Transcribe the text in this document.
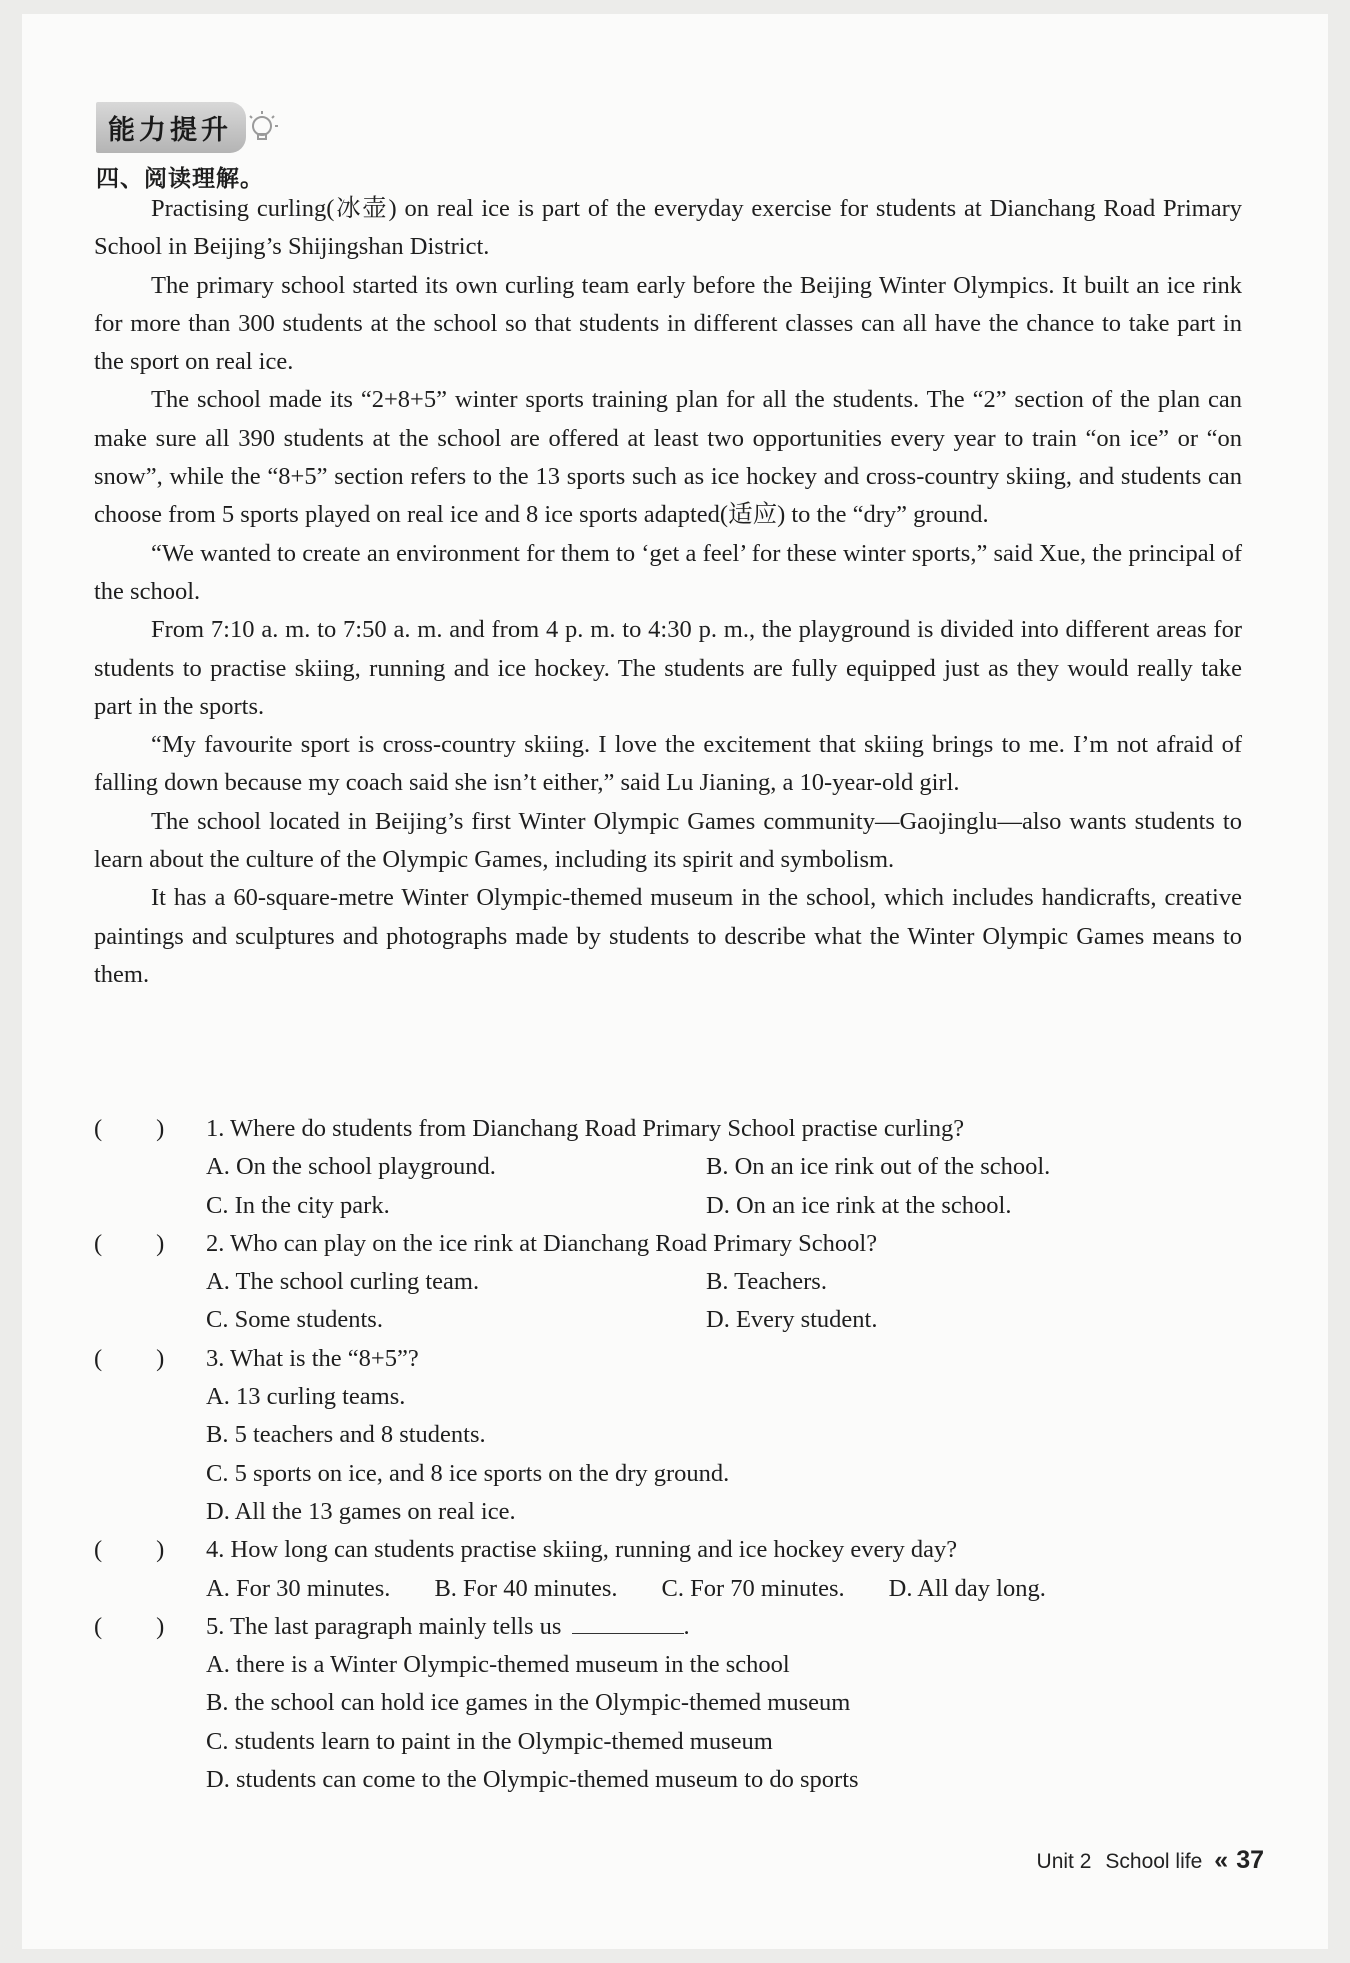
能力提升
四、阅读理解。

Practising curling(冰壶) on real ice is part of the everyday exercise for students at Dianchang Road Primary School in Beijing’s Shijingshan District.

The primary school started its own curling team early before the Beijing Winter Olympics. It built an ice rink for more than 300 students at the school so that students in different classes can all have the chance to take part in the sport on real ice.

The school made its “2+8+5” winter sports training plan for all the students. The “2” section of the plan can make sure all 390 students at the school are offered at least two opportunities every year to train “on ice” or “on snow”, while the “8+5” section refers to the 13 sports such as ice hockey and cross-country skiing, and students can choose from 5 sports played on real ice and 8 ice sports adapted(适应) to the “dry” ground.

“We wanted to create an environment for them to ‘get a feel’ for these winter sports,” said Xue, the principal of the school.

From 7:10 a. m. to 7:50 a. m. and from 4 p. m. to 4:30 p. m., the playground is divided into different areas for students to practise skiing, running and ice hockey. The students are fully equipped just as they would really take part in the sports.

“My favourite sport is cross-country skiing. I love the excitement that skiing brings to me. I’m not afraid of falling down because my coach said she isn’t either,” said Lu Jianing, a 10-year-old girl.

The school located in Beijing’s first Winter Olympic Games community—Gaojinglu—also wants students to learn about the culture of the Olympic Games, including its spirit and symbolism.

It has a 60-square-metre Winter Olympic-themed museum in the school, which includes handicrafts, creative paintings and sculptures and photographs made by students to describe what the Winter Olympic Games means to them.

( )	1. Where do students from Dianchang Road Primary School practise curling?
A. On the school playground.	B. On an ice rink out of the school.
C. In the city park.	D. On an ice rink at the school.
( )	2. Who can play on the ice rink at Dianchang Road Primary School?
A. The school curling team.	B. Teachers.
C. Some students.	D. Every student.
( )	3. What is the “8+5”?
A. 13 curling teams.
B. 5 teachers and 8 students.
C. 5 sports on ice, and 8 ice sports on the dry ground.
D. All the 13 games on real ice.
( )	4. How long can students practise skiing, running and ice hockey every day?
A. For 30 minutes. B. For 40 minutes. C. For 70 minutes. D. All day long.
( )	5. The last paragraph mainly tells us	.
A. there is a Winter Olympic-themed museum in the school
B. the school can hold ice games in the Olympic-themed museum
C. students learn to paint in the Olympic-themed museum
D. students can come to the Olympic-themed museum to do sports
Unit 2 School life « 37
